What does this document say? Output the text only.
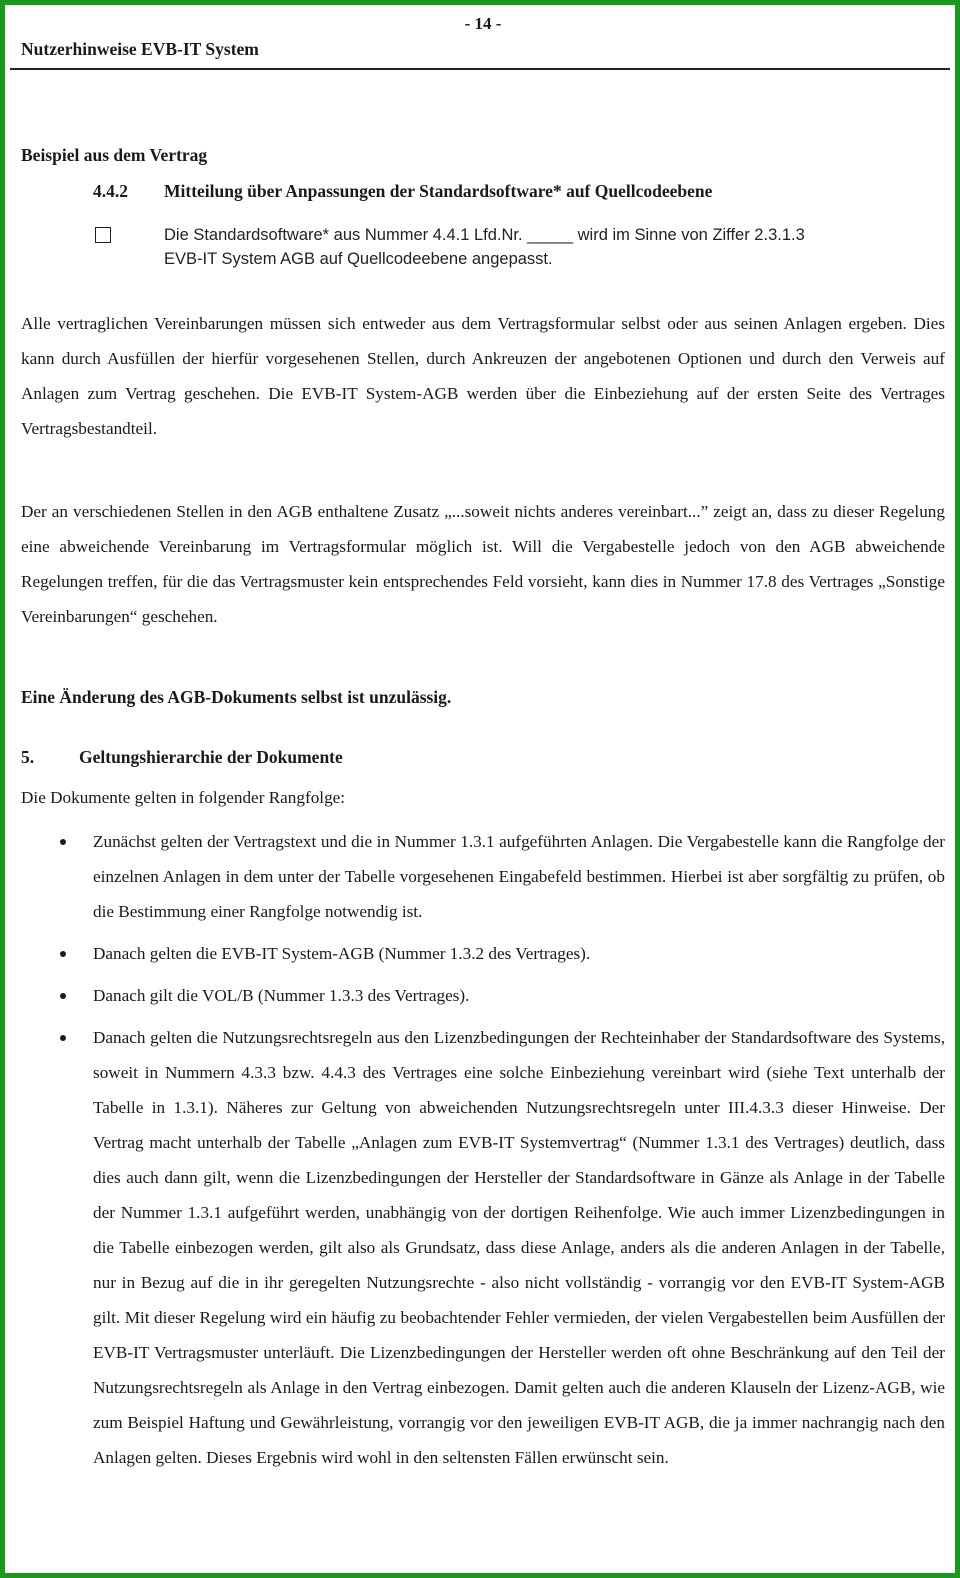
- 14 -
Nutzerhinweise EVB-IT System
Beispiel aus dem Vertrag
4.4.2 Mitteilung über Anpassungen der Standardsoftware* auf Quellcodeebene
Die Standardsoftware* aus Nummer 4.4.1 Lfd.Nr. _____ wird im Sinne von Ziffer 2.3.1.3 EVB-IT System AGB auf Quellcodeebene angepasst.
Alle vertraglichen Vereinbarungen müssen sich entweder aus dem Vertragsformular selbst oder aus seinen Anlagen ergeben. Dies kann durch Ausfüllen der hierfür vorgesehenen Stellen, durch Ankreuzen der angebotenen Optionen und durch den Verweis auf Anlagen zum Vertrag geschehen. Die EVB-IT System-AGB werden über die Einbeziehung auf der ersten Seite des Vertrages Vertragsbestandteil.
Der an verschiedenen Stellen in den AGB enthaltene Zusatz „...soweit nichts anderes vereinbart...” zeigt an, dass zu dieser Regelung eine abweichende Vereinbarung im Vertragsformular möglich ist. Will die Vergabestelle jedoch von den AGB abweichende Regelungen treffen, für die das Vertragsmuster kein entsprechendes Feld vorsieht, kann dies in Nummer 17.8 des Vertrages „Sonstige Vereinbarungen“ geschehen.
Eine Änderung des AGB-Dokuments selbst ist unzulässig.
5.	Geltungshierarchie der Dokumente
Die Dokumente gelten in folgender Rangfolge:
Zunächst gelten der Vertragstext und die in Nummer 1.3.1 aufgeführten Anlagen. Die Vergabestelle kann die Rangfolge der einzelnen Anlagen in dem unter der Tabelle vorgesehenen Eingabefeld bestimmen. Hierbei ist aber sorgfältig zu prüfen, ob die Bestimmung einer Rangfolge notwendig ist.
Danach gelten die EVB-IT System-AGB (Nummer 1.3.2 des Vertrages).
Danach gilt die VOL/B (Nummer 1.3.3 des Vertrages).
Danach gelten die Nutzungsrechtsregeln aus den Lizenzbedingungen der Rechteinhaber der Standardsoftware des Systems, soweit in Nummern 4.3.3 bzw. 4.4.3 des Vertrages eine solche Einbeziehung vereinbart wird (siehe Text unterhalb der Tabelle in 1.3.1). Näheres zur Geltung von abweichenden Nutzungsrechtsregeln unter III.4.3.3 dieser Hinweise. Der Vertrag macht unterhalb der Tabelle „Anlagen zum EVB-IT Systemvertrag“ (Nummer 1.3.1 des Vertrages) deutlich, dass dies auch dann gilt, wenn die Lizenzbedingungen der Hersteller der Standardsoftware in Gänze als Anlage in der Tabelle der Nummer 1.3.1 aufgeführt werden, unabhängig von der dortigen Reihenfolge. Wie auch immer Lizenzbedingungen in die Tabelle einbezogen werden, gilt also als Grundsatz, dass diese Anlage, anders als die anderen Anlagen in der Tabelle, nur in Bezug auf die in ihr geregelten Nutzungsrechte - also nicht vollständig - vorrangig vor den EVB-IT System-AGB gilt. Mit dieser Regelung wird ein häufig zu beobachtender Fehler vermieden, der vielen Vergabestellen beim Ausfüllen der EVB-IT Vertragsmuster unterläuft. Die Lizenzbedingungen der Hersteller werden oft ohne Beschränkung auf den Teil der Nutzungsrechtsregeln als Anlage in den Vertrag einbezogen. Damit gelten auch die anderen Klauseln der Lizenz-AGB, wie zum Beispiel Haftung und Gewährleistung, vorrangig vor den jeweiligen EVB-IT AGB, die ja immer nachrangig nach den Anlagen gelten. Dieses Ergebnis wird wohl in den seltensten Fällen erwünscht sein.
